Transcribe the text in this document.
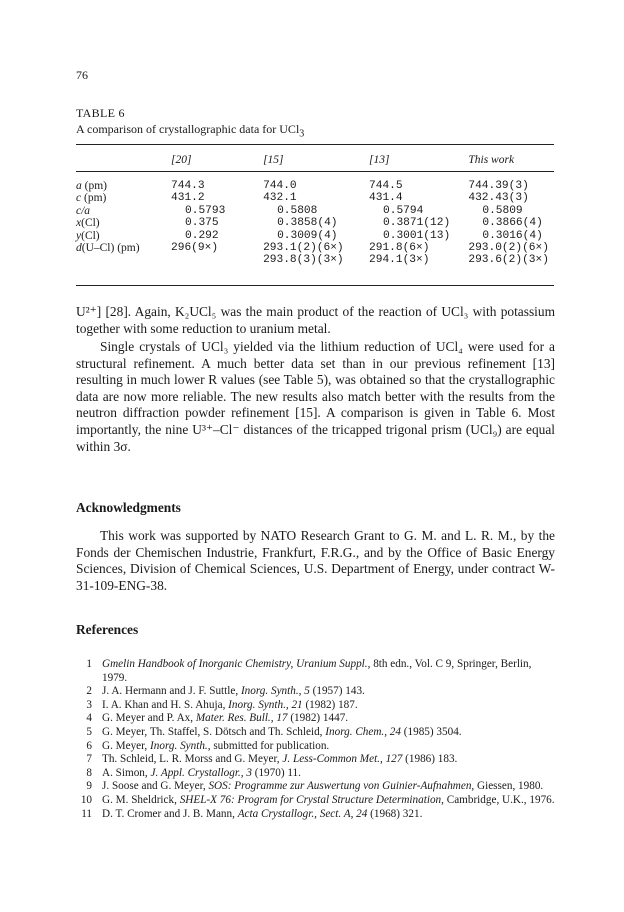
76
TABLE 6
A comparison of crystallographic data for UCl$_3$
	[20]	[15]	[13]	This work

a (pm)	744.3	744.0	744.5	744.39(3)
c (pm)	431.2	432.1	431.4	432.43(3)
c/a	0.5793	0.5808	0.5794	0.5809
x(Cl)	0.375	0.3858(4)	0.3871(12)	0.3866(4)
y(Cl)	0.292	0.3009(4)	0.3001(13)	0.3016(4)
d(U–Cl) (pm)	296(9×)	293.1(2)(6×)	291.8(6×)	293.0(2)(6×)
		293.8(3)(3×)	294.1(3×)	293.6(2)(3×)
U²⁺] [28]. Again, K₂UCl₅ was the main product of the reaction of UCl₃ with potassium together with some reduction to uranium metal.
Single crystals of UCl₃ yielded via the lithium reduction of UCl₄ were used for a structural refinement. A much better data set than in our previous refinement [13] resulting in much lower R values (see Table 5), was obtained so that the crystallographic data are now more reliable. The new results also match better with the results from the neutron diffraction powder refinement [15]. A comparison is given in Table 6. Most importantly, the nine U³⁺–Cl⁻ distances of the tricapped trigonal prism (UCl₉) are equal within 3σ.
Acknowledgments
This work was supported by NATO Research Grant to G. M. and L. R. M., by the Fonds der Chemischen Industrie, Frankfurt, F.R.G., and by the Office of Basic Energy Sciences, Division of Chemical Sciences, U.S. Department of Energy, under contract W-31-109-ENG-38.
References
1 Gmelin Handbook of Inorganic Chemistry, Uranium Suppl., 8th edn., Vol. C 9, Springer, Berlin, 1979.
2 J. A. Hermann and J. F. Suttle, Inorg. Synth., 5 (1957) 143.
3 I. A. Khan and H. S. Ahuja, Inorg. Synth., 21 (1982) 187.
4 G. Meyer and P. Ax, Mater. Res. Bull., 17 (1982) 1447.
5 G. Meyer, Th. Staffel, S. Dötsch and Th. Schleid, Inorg. Chem., 24 (1985) 3504.
6 G. Meyer, Inorg. Synth., submitted for publication.
7 Th. Schleid, L. R. Morss and G. Meyer, J. Less-Common Met., 127 (1986) 183.
8 A. Simon, J. Appl. Crystallogr., 3 (1970) 11.
9 J. Soose and G. Meyer, SOS: Programme zur Auswertung von Guinier-Aufnahmen, Giessen, 1980.
10 G. M. Sheldrick, SHEL-X 76: Program for Crystal Structure Determination, Cambridge, U.K., 1976.
11 D. T. Cromer and J. B. Mann, Acta Crystallogr., Sect. A, 24 (1968) 321.
